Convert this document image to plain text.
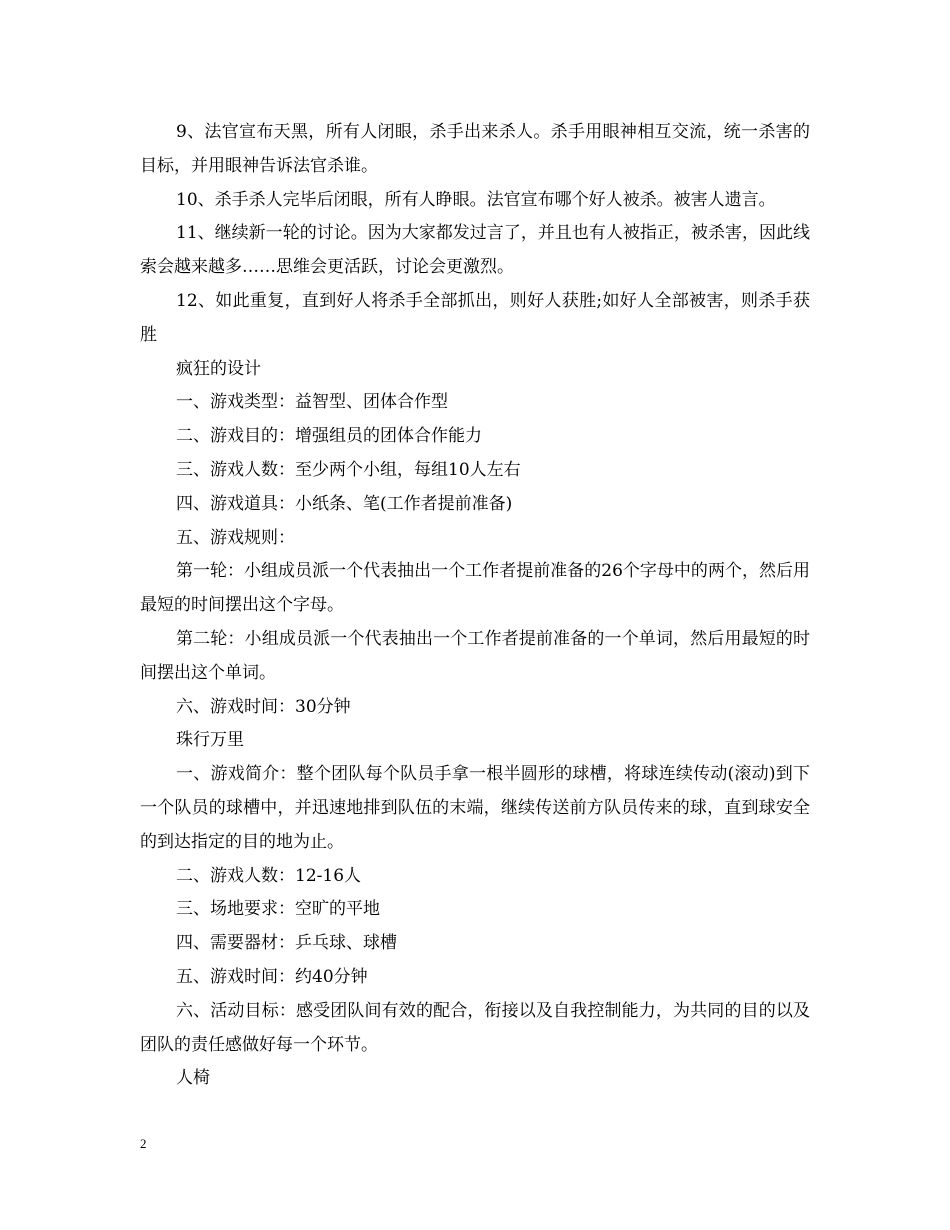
9、法官宣布天黑，所有人闭眼，杀手出来杀人。杀手用眼神相互交流，统一杀害的目标，并用眼神告诉法官杀谁。

10、杀手杀人完毕后闭眼，所有人睁眼。法官宣布哪个好人被杀。被害人遗言。

11、继续新一轮的讨论。因为大家都发过言了，并且也有人被指正，被杀害，因此线索会越来越多……思维会更活跃，讨论会更激烈。

12、如此重复，直到好人将杀手全部抓出，则好人获胜;如好人全部被害，则杀手获胜

疯狂的设计

一、游戏类型：益智型、团体合作型

二、游戏目的：增强组员的团体合作能力

三、游戏人数：至少两个小组，每组10人左右

四、游戏道具：小纸条、笔(工作者提前准备)

五、游戏规则：

第一轮：小组成员派一个代表抽出一个工作者提前准备的26个字母中的两个，然后用最短的时间摆出这个字母。

第二轮：小组成员派一个代表抽出一个工作者提前准备的一个单词，然后用最短的时间摆出这个单词。

六、游戏时间：30分钟

珠行万里

一、游戏简介：整个团队每个队员手拿一根半圆形的球槽，将球连续传动(滚动)到下一个队员的球槽中，并迅速地排到队伍的末端，继续传送前方队员传来的球，直到球安全的到达指定的目的地为止。

二、游戏人数：12-16人

三、场地要求：空旷的平地

四、需要器材：乒乓球、球槽

五、游戏时间：约40分钟

六、活动目标：感受团队间有效的配合，衔接以及自我控制能力，为共同的目的以及团队的责任感做好每一个环节。

人椅

2
